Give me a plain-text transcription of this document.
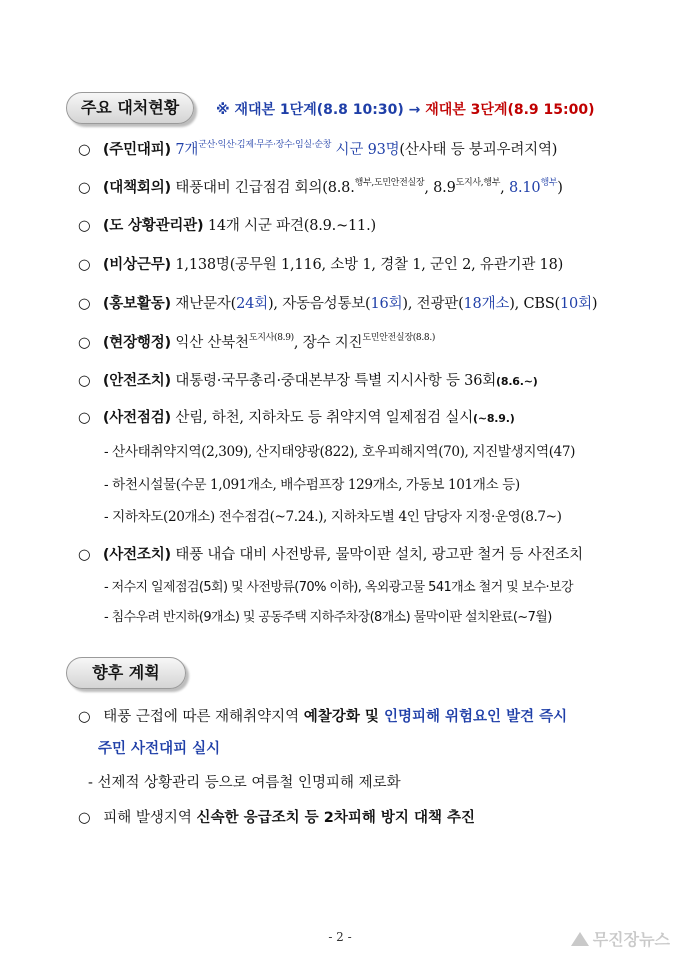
주요 대처현황	※ 재대본 1단계(8.8 10:30) → 재대본 3단계(8.9 15:00)
○ (주민대피) 7개$^{군산\cdot 익산\cdot 김제\cdot 무주\cdot 장수\cdot 임실\cdot 순창}$ 시군 93명(산사태 등 붕괴우려지역)
○ (대책회의) 태풍대비 긴급점검 회의(8.8.$^{행부,도민안전실장}$, $8.9^{도지사,행부}$, $8.10^{행부}$)
○ (도 상황관리관) 14개 시군 파견(8.9.~11.)
○ (비상근무) 1,138명(공무원 1,116, 소방 1, 경찰 1, 군인 2, 유관기관 18)
○ (홍보활동) 재난문자(24회), 자동음성통보(16회), 전광판(18개소), CBS(10회)
○ (현장행정) 익산 산북천$^{도지사(8.9)}$, 장수 지진$^{도민안전실장(8.8.)}$
○ (안전조치) 대통령·국무총리·중대본부장 특별 지시사항 등 36회(8.6.~)
○ (사전점검) 산림, 하천, 지하차도 등 취약지역 일제점검 실시(~8.9.)
- 산사태취약지역(2,309), 산지태양광(822), 호우피해지역(70), 지진발생지역(47)
- 하천시설물(수문 1,091개소, 배수펌프장 129개소, 가동보 101개소 등)
- 지하차도(20개소) 전수점검(~7.24.), 지하차도별 4인 담당자 지정·운영(8.7~)
○ (사전조치) 태풍 내습 대비 사전방류, 물막이판 설치, 광고판 철거 등 사전조치
- 저수지 일제점검(5회) 및 사전방류(70% 이하), 옥외광고물 541개소 철거 및 보수·보강
- 침수우려 반지하(9개소) 및 공동주택 지하주차장(8개소) 물막이판 설치완료(~7월)
향후 계획
○ 태풍 근접에 따른 재해취약지역 예찰강화 및 인명피해 위험요인 발견 즉시
주민 사전대피 실시
- 선제적 상황관리 등으로 여름철 인명피해 제로화
○ 피해 발생지역 신속한 응급조치 등 2차피해 방지 대책 추진
- 2 -	무진장뉴스
